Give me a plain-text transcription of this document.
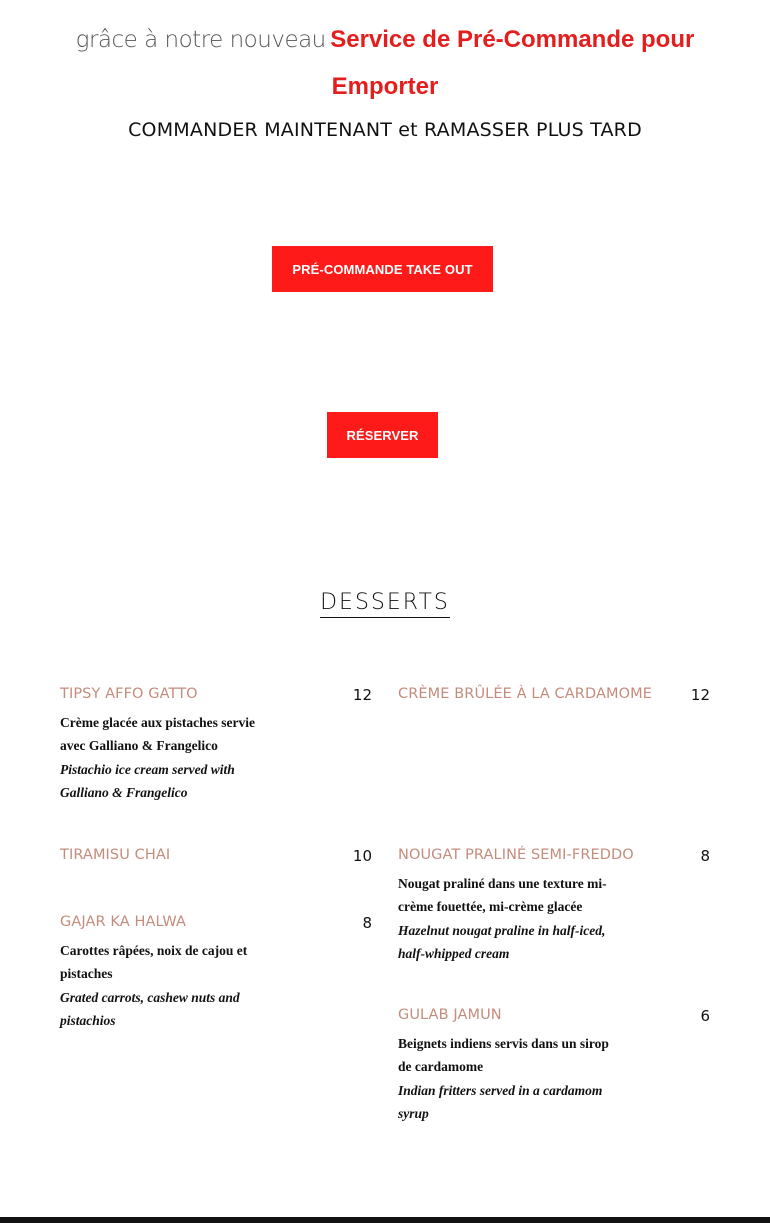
grâce à notre nouveau Service de Pré-Commande pour
Emporter
COMMANDER MAINTENANT et RAMASSER PLUS TARD
PRÉ-COMMANDE TAKE OUT
RÉSERVER
DESSERTS
TIPSY AFFO GATTO	12
Crème glacée aux pistaches servie avec Galliano & Frangelico
Pistachio ice cream served with Galliano & Frangelico
TIRAMISU CHAI	10
GAJAR KA HALWA	8
Carottes râpées, noix de cajou et pistaches
Grated carrots, cashew nuts and pistachios
CRÈME BRÛLÉE À LA CARDAMOME	12
NOUGAT PRALINÉ SEMI-FREDDO	8
Nougat praliné dans une texture mi-crème fouettée, mi-crème glacée
Hazelnut nougat praline in half-iced, half-whipped cream
GULAB JAMUN	6
Beignets indiens servis dans un sirop de cardamome
Indian fritters served in a cardamom syrup
